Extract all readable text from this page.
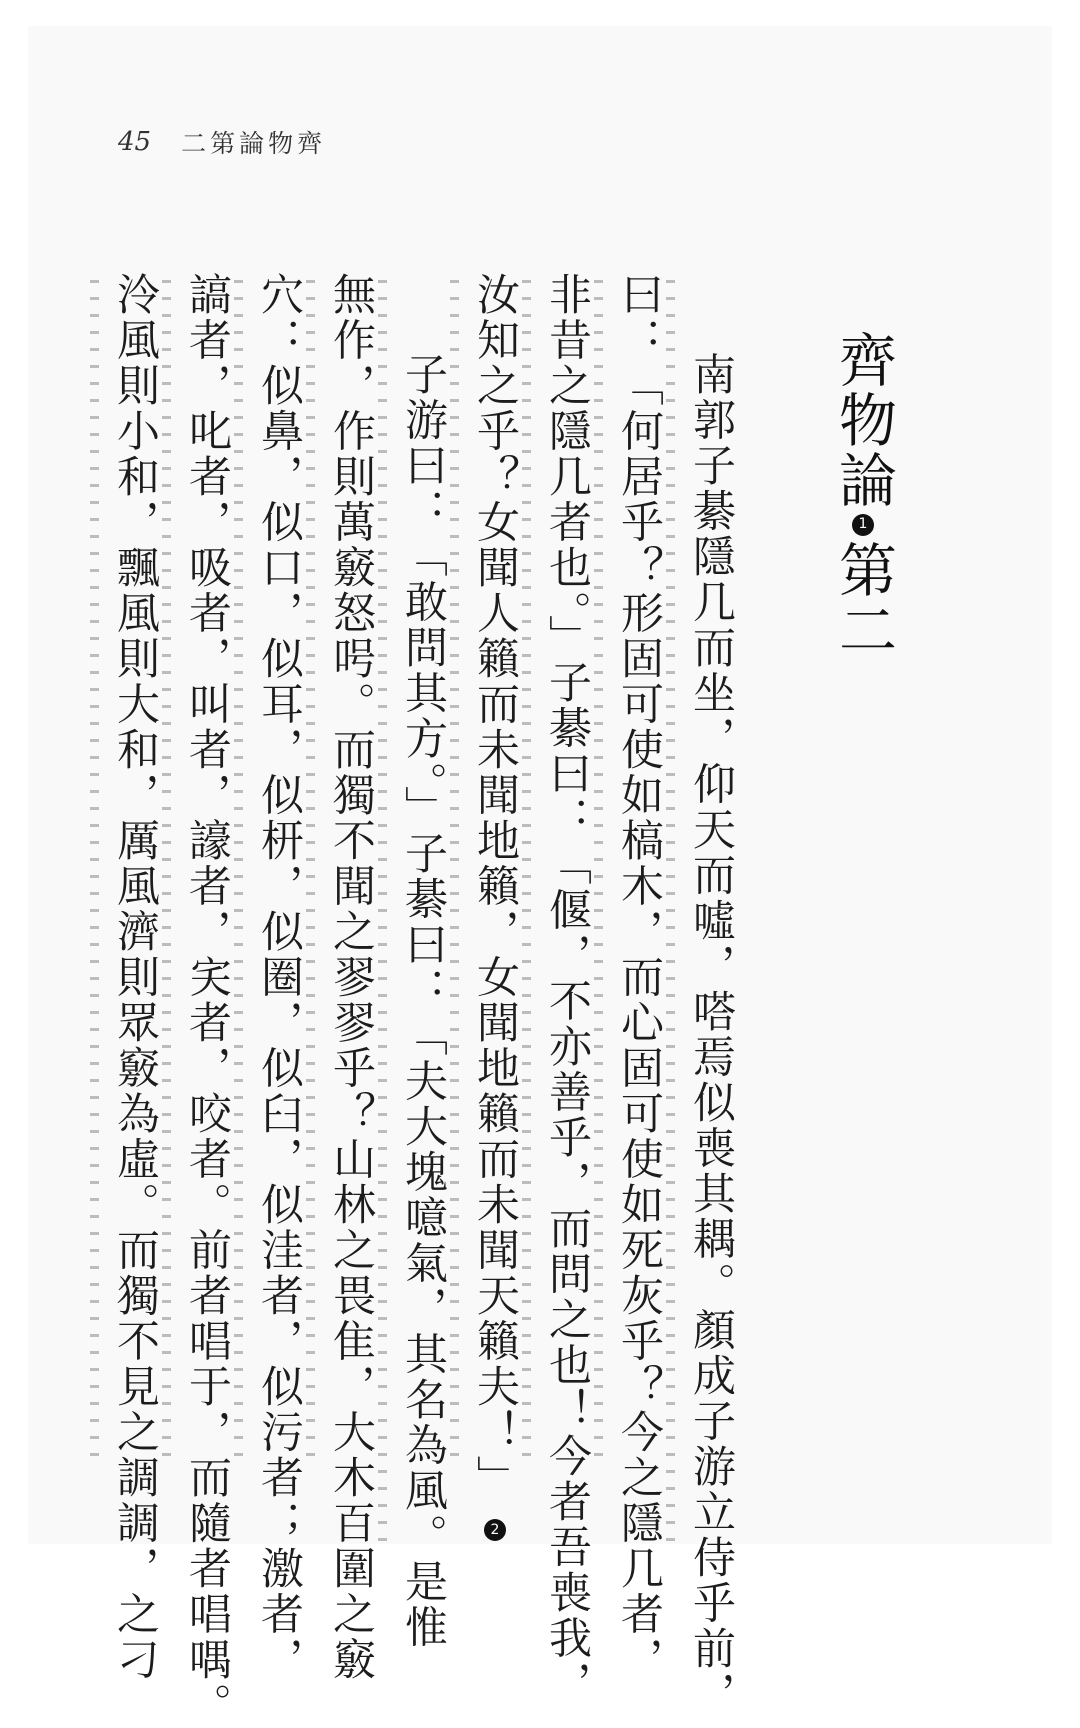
45 二第論物齊
齊物論1第二
南郭子綦隱几而坐，仰天而噓，嗒焉似喪其耦。顏成子游立侍乎前，
曰：「何居乎？形固可使如槁木，而心固可使如死灰乎？今之隱几者，
非昔之隱几者也。」子綦曰：「偃，不亦善乎，而問之也！今者吾喪我，
汝知之乎？女聞人籟而未聞地籟，女聞地籟而未聞天籟夫！」2
子游曰：「敢問其方。」子綦曰：「夫大塊噫氣，其名為風。是惟
無作，作則萬竅怒呺。而獨不聞之翏翏乎？山林之畏隹，大木百圍之竅
穴：似鼻，似口，似耳，似枅，似圈，似臼，似洼者，似污者；激者，
謞者，叱者，吸者，叫者，譹者，宎者，咬者。前者唱于，而隨者唱喁。
泠風則小和，飄風則大和，厲風濟則眾竅為虛。而獨不見之調調，之刁
